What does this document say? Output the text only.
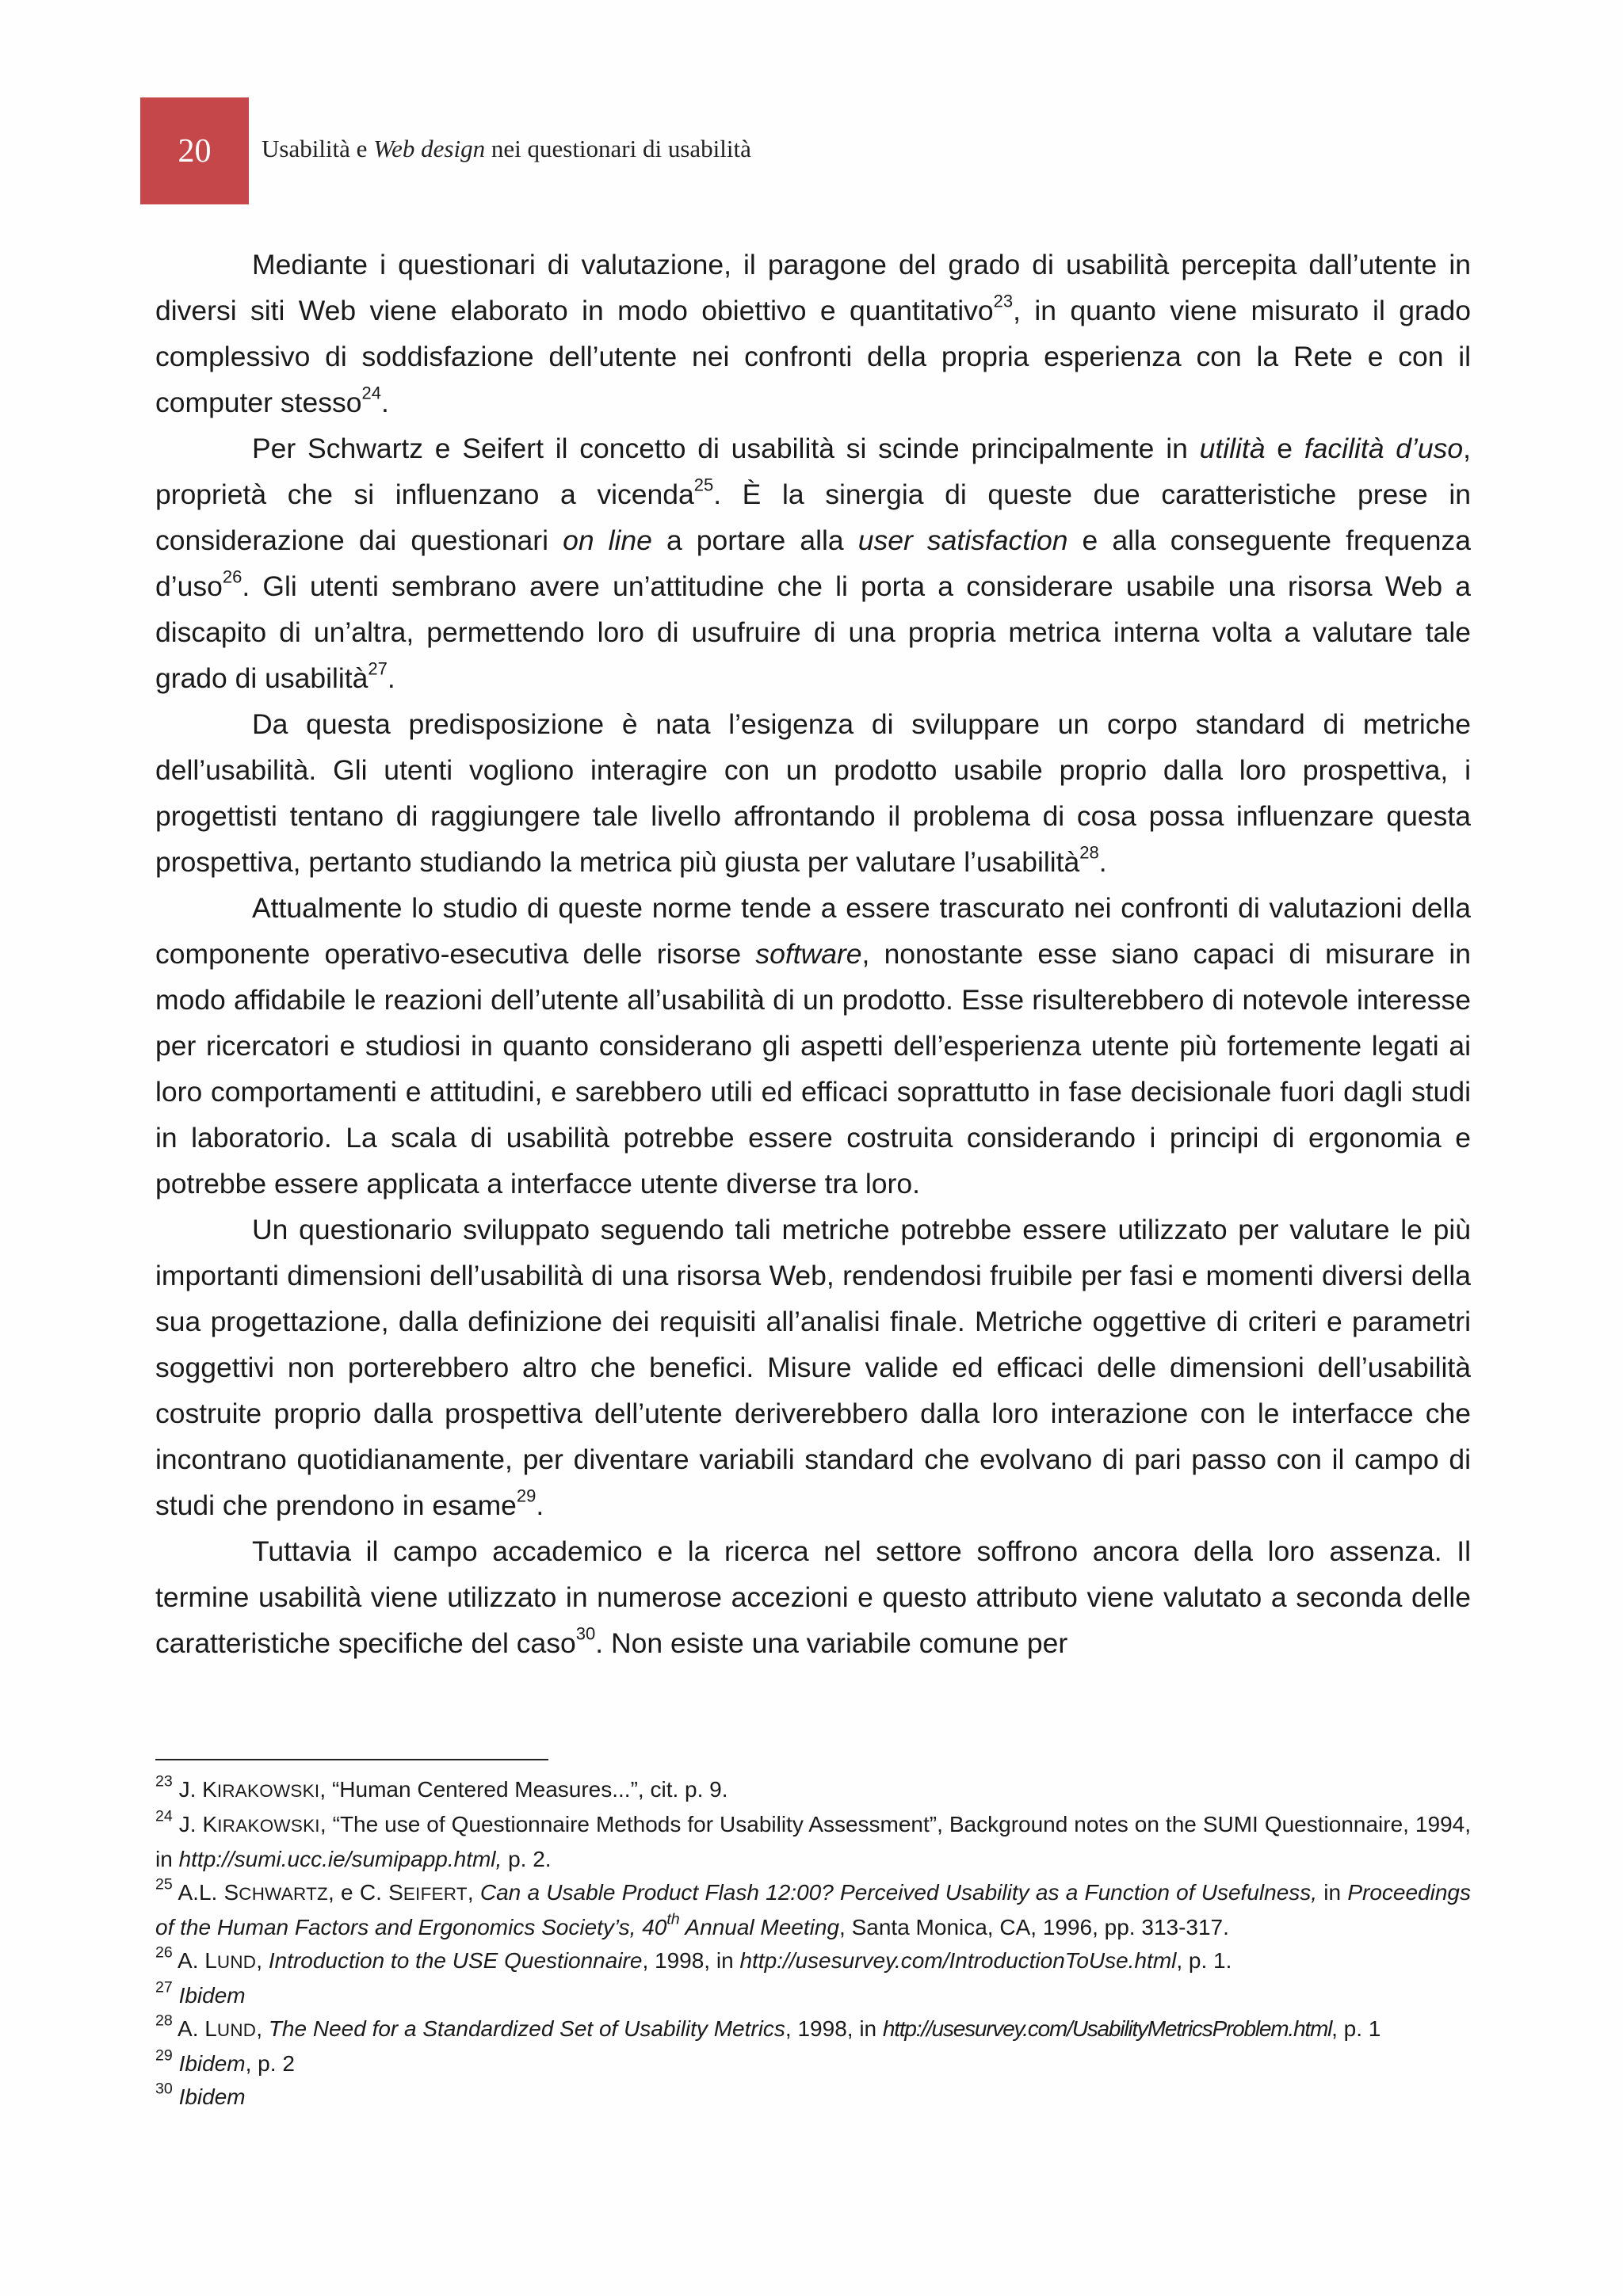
20 Usabilità e Web design nei questionari di usabilità

Mediante i questionari di valutazione, il paragone del grado di usabilità percepita dall’utente in diversi siti Web viene elaborato in modo obiettivo e quantitativo$^{23}$, in quanto viene misurato il grado complessivo di soddisfazione dell’utente nei confronti della propria esperienza con la Rete e con il computer stesso$^{24}$.

Per Schwartz e Seifert il concetto di usabilità si scinde principalmente in utilità e facilità d’uso, proprietà che si influenzano a vicenda$^{25}$. È la sinergia di queste due caratteristiche prese in considerazione dai questionari on line a portare alla user satisfaction e alla conseguente frequenza d’uso$^{26}$. Gli utenti sembrano avere un’attitudine che li porta a considerare usabile una risorsa Web a discapito di un’altra, permettendo loro di usufruire di una propria metrica interna volta a valutare tale grado di usabilità$^{27}$.

Da questa predisposizione è nata l’esigenza di sviluppare un corpo standard di metriche dell’usabilità. Gli utenti vogliono interagire con un prodotto usabile proprio dalla loro prospettiva, i progettisti tentano di raggiungere tale livello affrontando il problema di cosa possa influenzare questa prospettiva, pertanto studiando la metrica più giusta per valutare l’usabilità$^{28}$.

Attualmente lo studio di queste norme tende a essere trascurato nei confronti di valutazioni della componente operativo-esecutiva delle risorse software, nonostante esse siano capaci di misurare in modo affidabile le reazioni dell’utente all’usabilità di un prodotto. Esse risulterebbero di notevole interesse per ricercatori e studiosi in quanto considerano gli aspetti dell’esperienza utente più fortemente legati ai loro comportamenti e attitudini, e sarebbero utili ed efficaci soprattutto in fase decisionale fuori dagli studi in laboratorio. La scala di usabilità potrebbe essere costruita considerando i principi di ergonomia e potrebbe essere applicata a interfacce utente diverse tra loro.

Un questionario sviluppato seguendo tali metriche potrebbe essere utilizzato per valutare le più importanti dimensioni dell’usabilità di una risorsa Web, rendendosi fruibile per fasi e momenti diversi della sua progettazione, dalla definizione dei requisiti all’analisi finale. Metriche oggettive di criteri e parametri soggettivi non porterebbero altro che benefici. Misure valide ed efficaci delle dimensioni dell’usabilità costruite proprio dalla prospettiva dell’utente deriverebbero dalla loro interazione con le interfacce che incontrano quotidianamente, per diventare variabili standard che evolvano di pari passo con il campo di studi che prendono in esame$^{29}$.

Tuttavia il campo accademico e la ricerca nel settore soffrono ancora della loro assenza. Il termine usabilità viene utilizzato in numerose accezioni e questo attributo viene valutato a seconda delle caratteristiche specifiche del caso$^{30}$. Non esiste una variabile comune per

$^{23}$ J. KIRAKOWSKI, “Human Centered Measures...”, cit. p. 9.

$^{24}$ J. KIRAKOWSKI, “The use of Questionnaire Methods for Usability Assessment”, Background notes on the SUMI Questionnaire, 1994, in http://sumi.ucc.ie/sumipapp.html, p. 2.

$^{25}$ A.L. SCHWARTZ, e C. SEIFERT, Can a Usable Product Flash 12:00? Perceived Usability as a Function of Usefulness, in Proceedings of the Human Factors and Ergonomics Society’s, 40th Annual Meeting, Santa Monica, CA, 1996, pp. 313-317.

$^{26}$ A. LUND, Introduction to the USE Questionnaire, 1998, in http://usesurvey.com/IntroductionToUse.html, p. 1.

$^{27}$ Ibidem

$^{28}$ A. LUND, The Need for a Standardized Set of Usability Metrics, 1998, in http://usesurvey.com/UsabilityMetricsProblem.html, p. 1

$^{29}$ Ibidem, p. 2

$^{30}$ Ibidem
